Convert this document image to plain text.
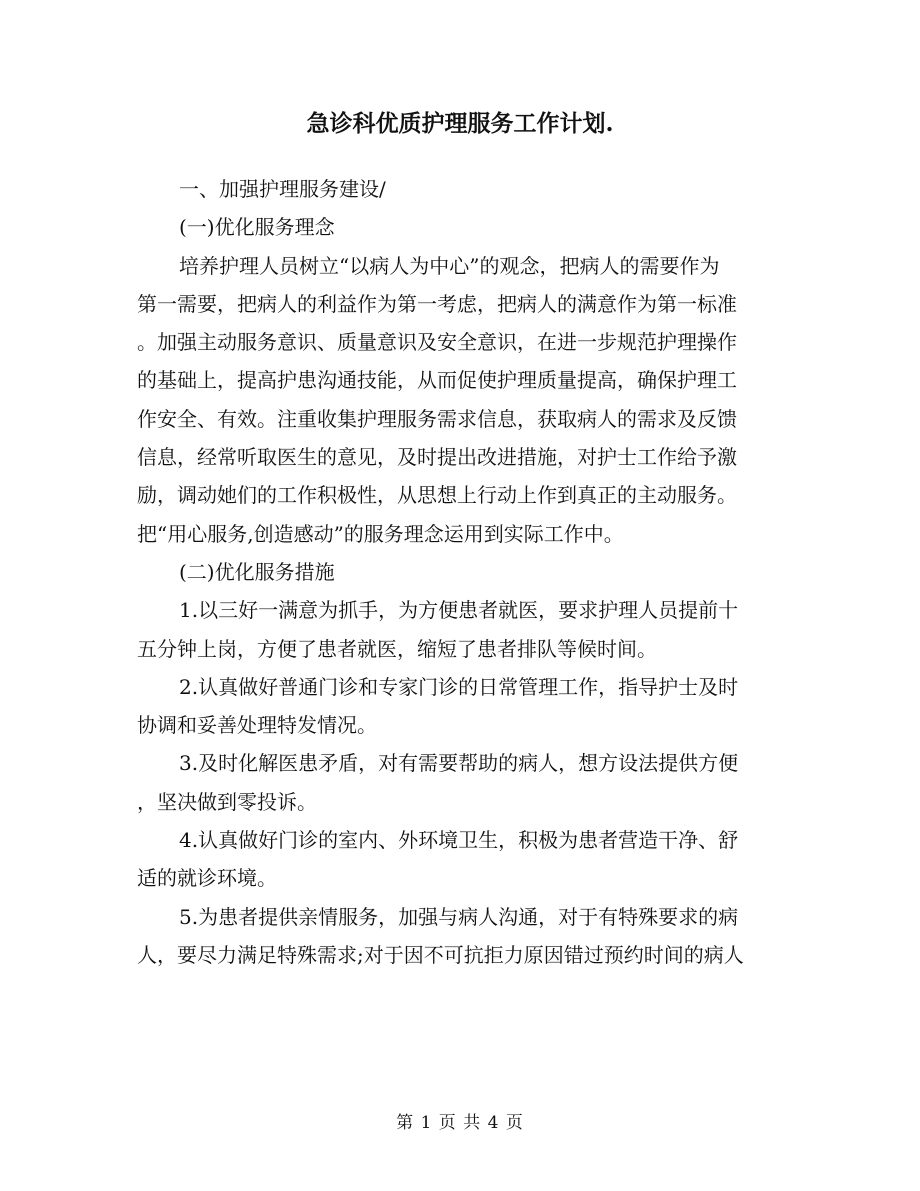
急诊科优质护理服务工作计划.
一、加强护理服务建设/
(一)优化服务理念
培养护理人员树立“以病人为中心”的观念，把病人的需要作为
第一需要，把病人的利益作为第一考虑，把病人的满意作为第一标准
。加强主动服务意识、质量意识及安全意识，在进一步规范护理操作
的基础上，提高护患沟通技能，从而促使护理质量提高，确保护理工
作安全、有效。注重收集护理服务需求信息，获取病人的需求及反馈
信息，经常听取医生的意见，及时提出改进措施，对护士工作给予激
励，调动她们的工作积极性，从思想上行动上作到真正的主动服务。
把“用心服务,创造感动”的服务理念运用到实际工作中。
(二)优化服务措施
1.以三好一满意为抓手，为方便患者就医，要求护理人员提前十
五分钟上岗，方便了患者就医，缩短了患者排队等候时间。
2.认真做好普通门诊和专家门诊的日常管理工作，指导护士及时
协调和妥善处理特发情况。
3.及时化解医患矛盾，对有需要帮助的病人，想方设法提供方便
，坚决做到零投诉。
4.认真做好门诊的室内、外环境卫生，积极为患者营造干净、舒
适的就诊环境。
5.为患者提供亲情服务，加强与病人沟通，对于有特殊要求的病
人，要尽力满足特殊需求;对于因不可抗拒力原因错过预约时间的病人
第 1 页 共 4 页
